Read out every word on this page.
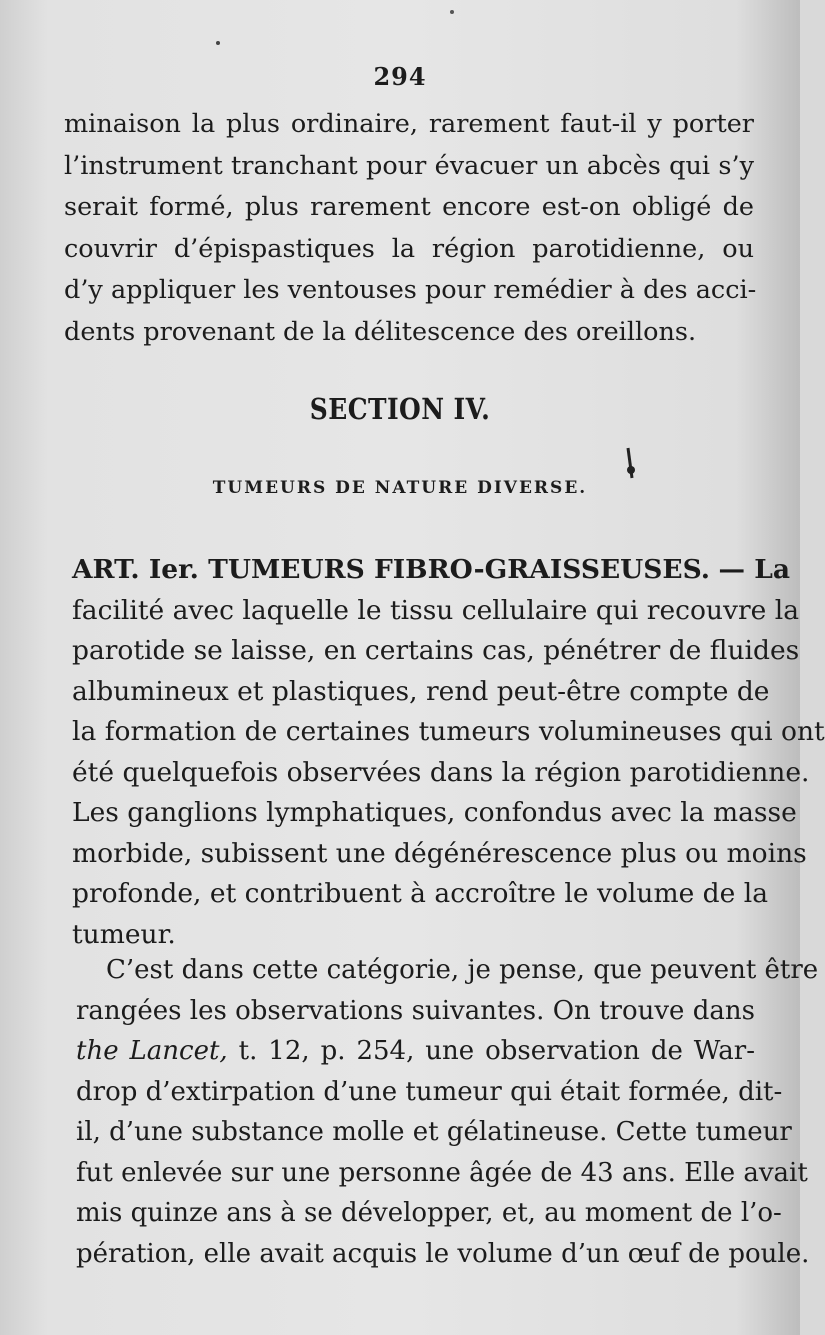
294
minaison la plus ordinaire, rarement faut-il y porter
l’instrument tranchant pour évacuer un abcès qui s’y
serait formé, plus rarement encore est-on obligé de
couvrir d’épispastiques la région parotidienne, ou
d’y appliquer les ventouses pour remédier à des acci-
dents provenant de la délitescence des oreillons.
SECTION IV.
TUMEURS DE NATURE DIVERSE.
ART. Ier. TUMEURS FIBRO-GRAISSEUSES. — La
facilité avec laquelle le tissu cellulaire qui recouvre la
parotide se laisse, en certains cas, pénétrer de fluides
albumineux et plastiques, rend peut-être compte de
la formation de certaines tumeurs volumineuses qui ont
été quelquefois observées dans la région parotidienne.
Les ganglions lymphatiques, confondus avec la masse
morbide, subissent une dégénérescence plus ou moins
profonde, et contribuent à accroître le volume de la
tumeur.
C’est dans cette catégorie, je pense, que peuvent être
rangées les observations suivantes. On trouve dans
the Lancet, t. 12, p. 254, une observation de War-
drop d’extirpation d’une tumeur qui était formée, dit-
il, d’une substance molle et gélatineuse. Cette tumeur
fut enlevée sur une personne âgée de 43 ans. Elle avait
mis quinze ans à se développer, et, au moment de l’o-
pération, elle avait acquis le volume d’un œuf de poule.
